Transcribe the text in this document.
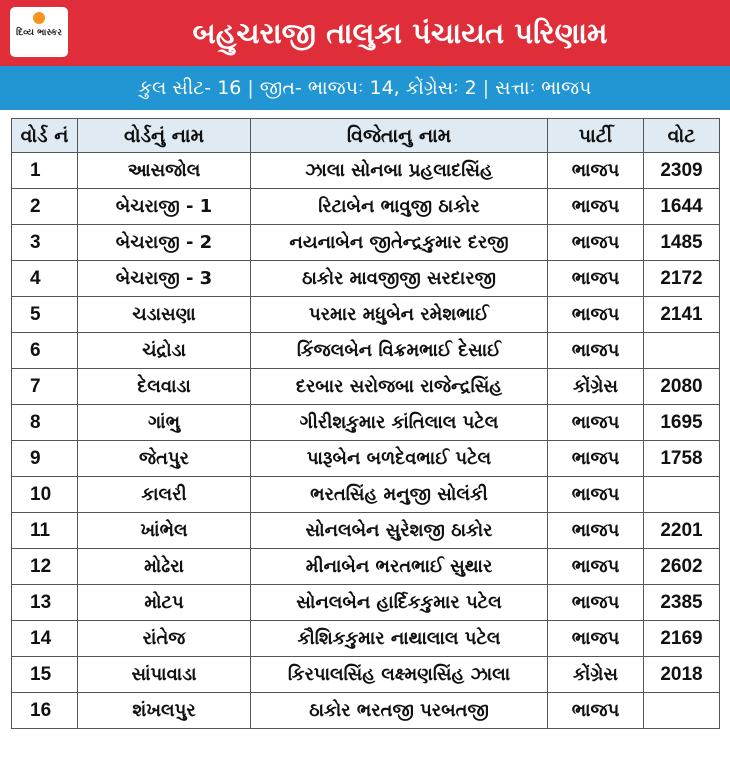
દિવ્ય ભાસ્કર	બહુચરાજી તાલુકા પંચાયત પરિણામ
કુલ સીટ- 16 | જીત- ભાજપઃ 14, કોંગ્રેસઃ 2 | સત્તાઃ ભાજપ
વોર્ડ નં	વોર્ડનું નામ	વિજેતાનુ નામ	પાર્ટી	વોટ
1	આસજોલ	ઝાલા સોનબા પ્રહલાદસિંહ	ભાજપ	2309
2	બેચરાજી - 1	રિટાબેન ભાવુજી ઠાકોર	ભાજપ	1644
3	બેચરાજી - 2	નયનાબેન જીતેન્દ્રકુમાર દરજી	ભાજપ	1485
4	બેચરાજી - 3	ઠાકોર માવજીજી સરદારજી	ભાજપ	2172
5	ચડાસણા	પરમાર મધુબેન રમેશભાઈ	ભાજપ	2141
6	ચંદ્રોડા	કિંજલબેન વિક્રમભાઈ દેસાઈ	ભાજપ	
7	દેલવાડા	દરબાર સરોજબા રાજેન્દ્રસિંહ	કોંગ્રેસ	2080
8	ગાંભુ	ગીરીશકુમાર કાંતિલાલ પટેલ	ભાજપ	1695
9	જેતપુર	પારૂબેન બળદેવભાઈ પટેલ	ભાજપ	1758
10	કાલરી	ભરતસિંહ મનુજી સોલંકી	ભાજપ	
11	ખાંભેલ	સોનલબેન સુરેશજી ઠાકોર	ભાજપ	2201
12	મોઢેરા	મીનાબેન ભરતભાઈ સુથાર	ભાજપ	2602
13	મોટપ	સોનલબેન હાર્દિકકુમાર પટેલ	ભાજપ	2385
14	રાંતેજ	કૌશિકકુમાર નાથાલાલ પટેલ	ભાજપ	2169
15	સાંપાવાડા	કિરપાલસિંહ લક્ષ્મણસિંહ ઝાલા	કોંગ્રેસ	2018
16	શંખલપુર	ઠાકોર ભરતજી પરબતજી	ભાજપ	
